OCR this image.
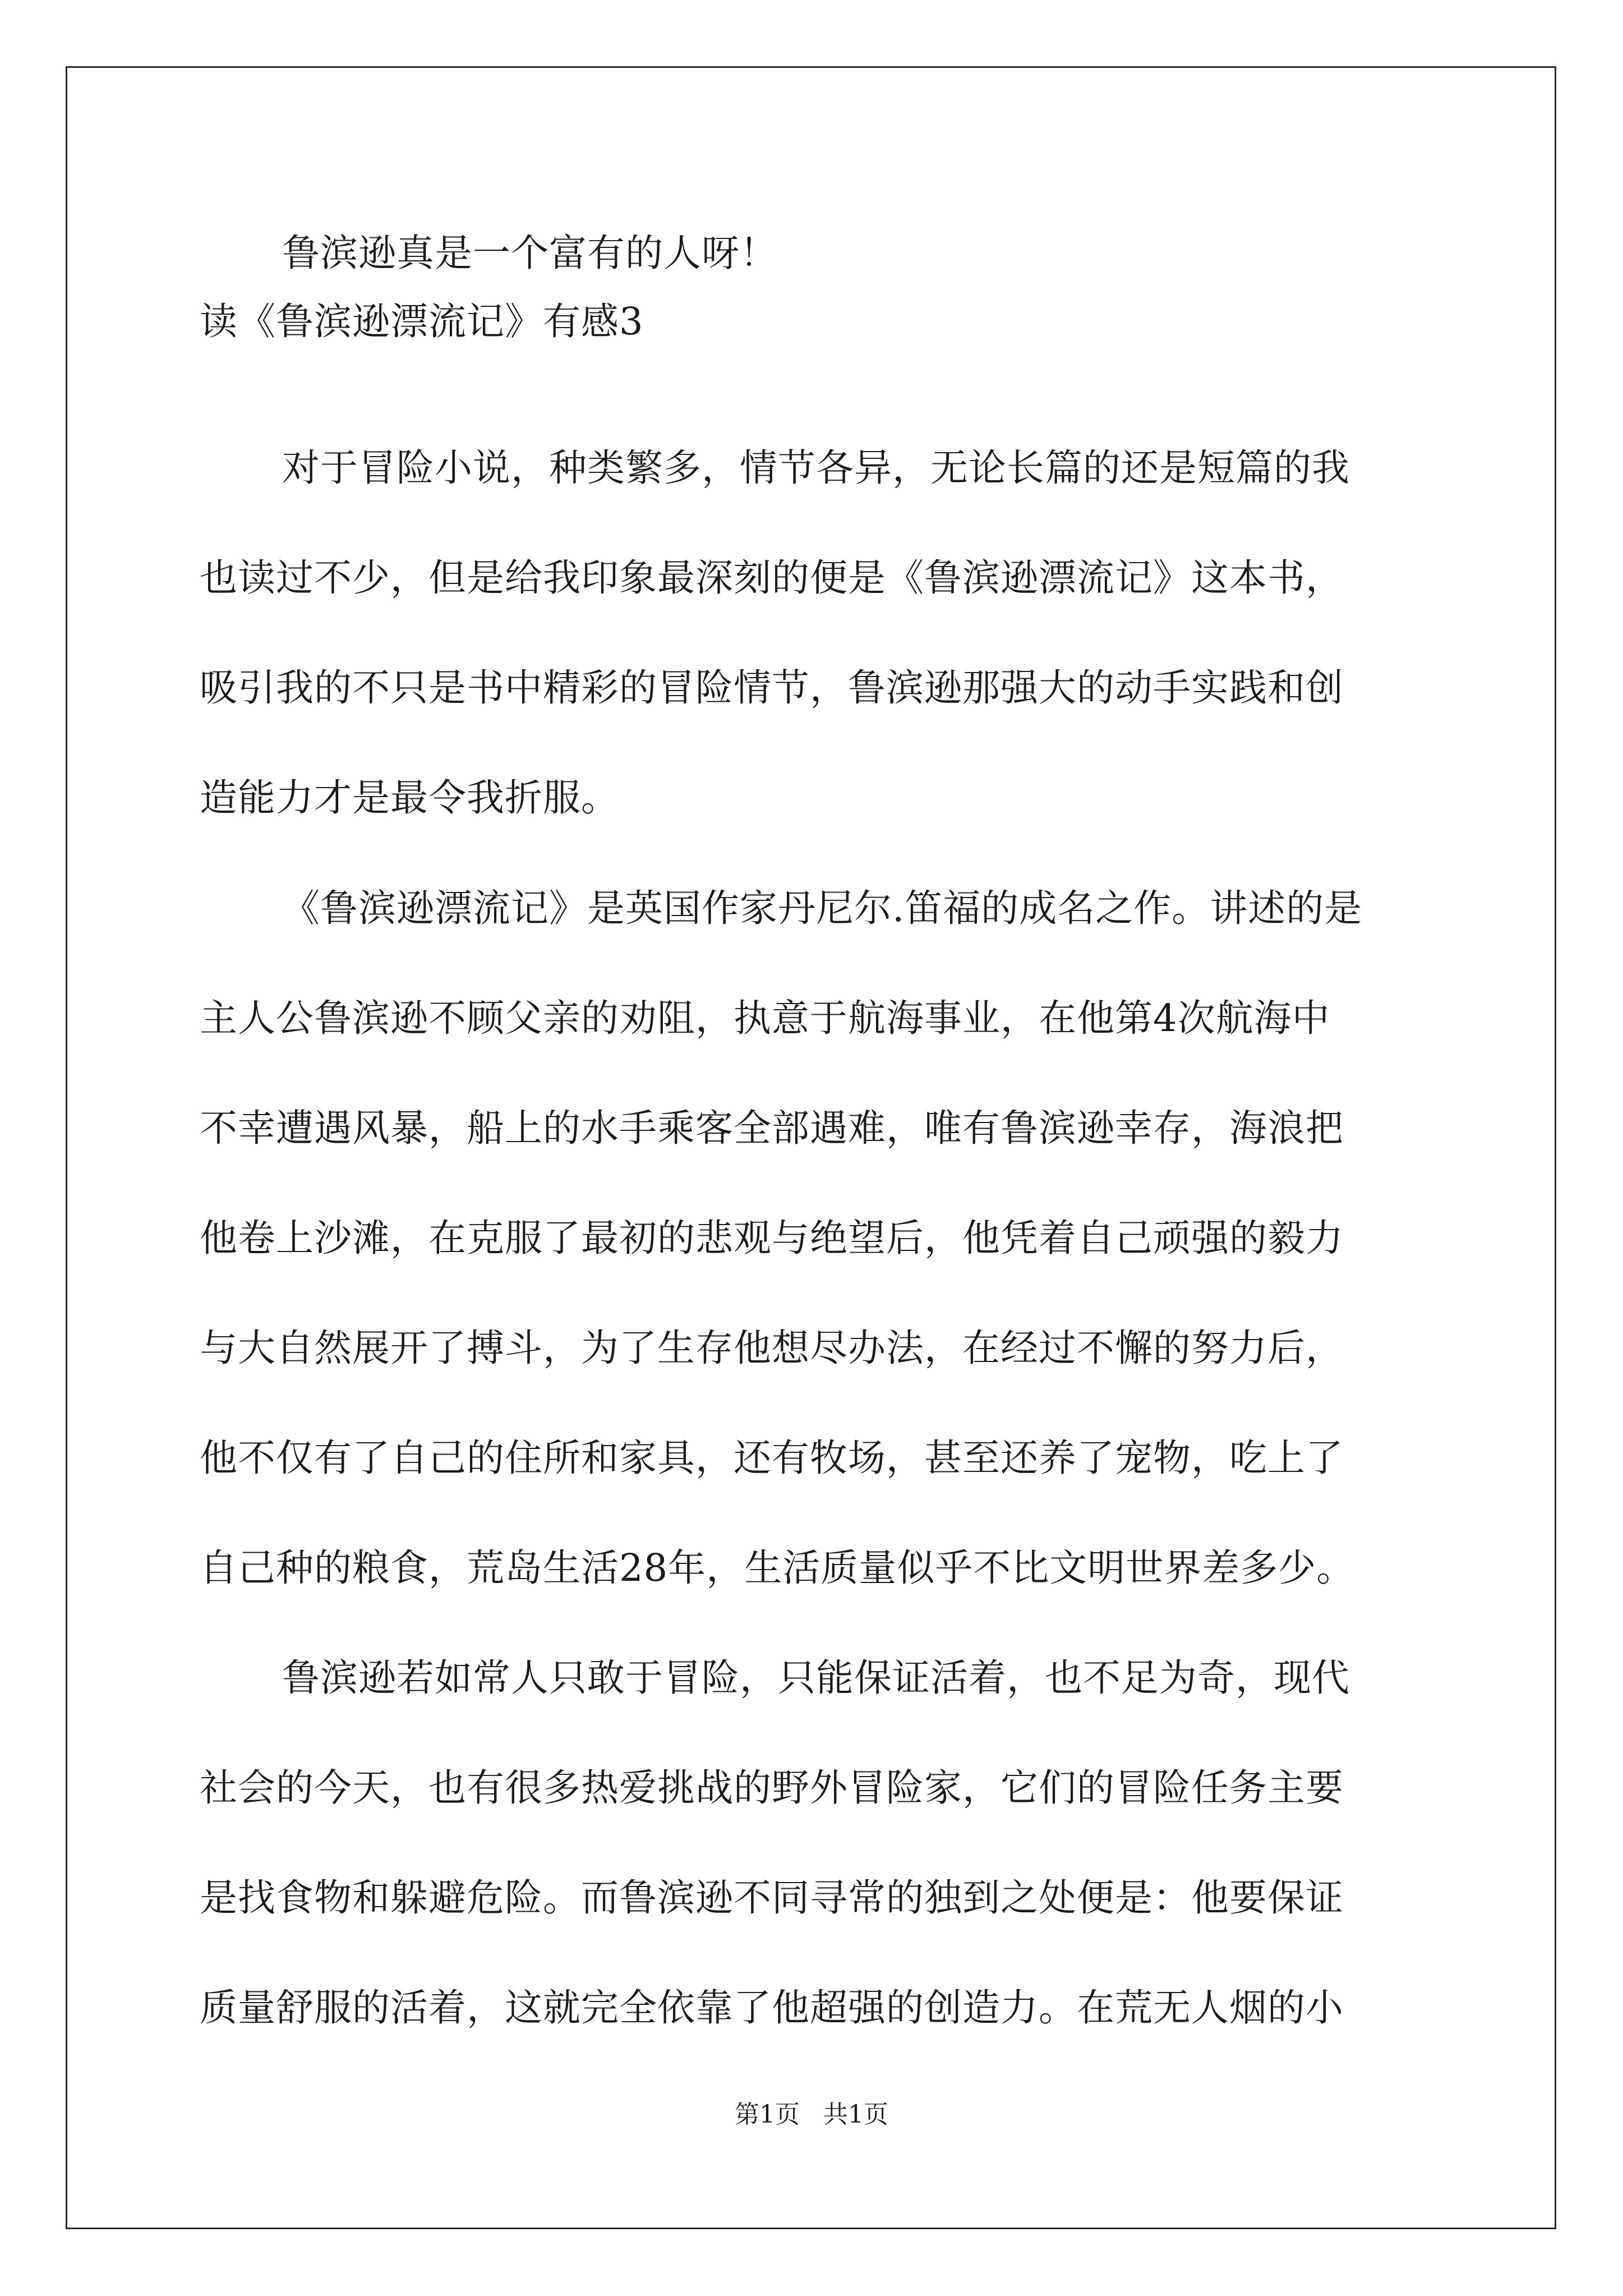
鲁滨逊真是一个富有的人呀！
读《鲁滨逊漂流记》有感3
对于冒险小说，种类繁多，情节各异，无论长篇的还是短篇的我
也读过不少，但是给我印象最深刻的便是《鲁滨逊漂流记》这本书，
吸引我的不只是书中精彩的冒险情节，鲁滨逊那强大的动手实践和创
造能力才是最令我折服。
《鲁滨逊漂流记》是英国作家丹尼尔.笛福的成名之作。讲述的是
主人公鲁滨逊不顾父亲的劝阻，执意于航海事业，在他第4次航海中
不幸遭遇风暴，船上的水手乘客全部遇难，唯有鲁滨逊幸存，海浪把
他卷上沙滩，在克服了最初的悲观与绝望后，他凭着自己顽强的毅力
与大自然展开了搏斗，为了生存他想尽办法，在经过不懈的努力后，
他不仅有了自己的住所和家具，还有牧场，甚至还养了宠物，吃上了
自己种的粮食，荒岛生活28年，生活质量似乎不比文明世界差多少。
鲁滨逊若如常人只敢于冒险，只能保证活着，也不足为奇，现代
社会的今天，也有很多热爱挑战的野外冒险家，它们的冒险任务主要
是找食物和躲避危险。而鲁滨逊不同寻常的独到之处便是：他要保证
质量舒服的活着，这就完全依靠了他超强的创造力。在荒无人烟的小
第1页   共1页
